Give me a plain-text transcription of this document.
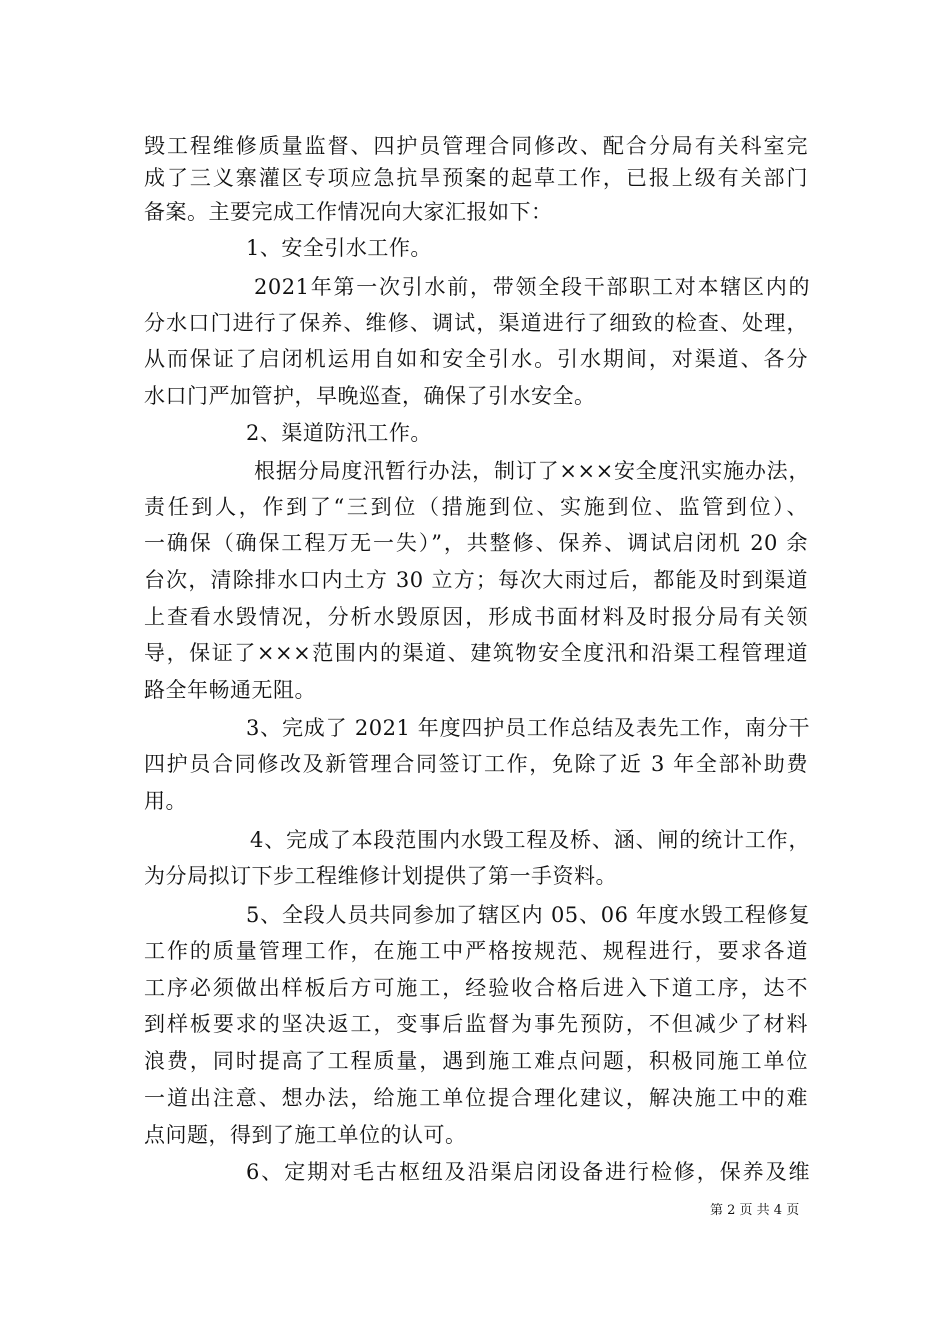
毁工程维修质量监督、四护员管理合同修改、配合分局有关科室完
成了三义寨灌区专项应急抗旱预案的起草工作，已报上级有关部门
备案。主要完成工作情况向大家汇报如下：
1、安全引水工作。
2021年第一次引水前，带领全段干部职工对本辖区内的
分水口门进行了保养、维修、调试，渠道进行了细致的检查、处理，
从而保证了启闭机运用自如和安全引水。引水期间，对渠道、各分
水口门严加管护，早晚巡查，确保了引水安全。
2、渠道防汛工作。
根据分局度汛暂行办法，制订了×××安全度汛实施办法，
责任到人，作到了“三到位（措施到位、实施到位、监管到位）、
一确保（确保工程万无一失）”，共整修、保养、调试启闭机 20 余
台次，清除排水口内土方 30 立方；每次大雨过后，都能及时到渠道
上查看水毁情况，分析水毁原因，形成书面材料及时报分局有关领
导，保证了×××范围内的渠道、建筑物安全度汛和沿渠工程管理道
路全年畅通无阻。
3、完成了 2021 年度四护员工作总结及表先工作，南分干
四护员合同修改及新管理合同签订工作，免除了近 3 年全部补助费
用。
4、完成了本段范围内水毁工程及桥、涵、闸的统计工作，
为分局拟订下步工程维修计划提供了第一手资料。
5、全段人员共同参加了辖区内 05、06 年度水毁工程修复
工作的质量管理工作，在施工中严格按规范、规程进行，要求各道
工序必须做出样板后方可施工，经验收合格后进入下道工序，达不
到样板要求的坚决返工，变事后监督为事先预防，不但减少了材料
浪费，同时提高了工程质量，遇到施工难点问题，积极同施工单位
一道出注意、想办法，给施工单位提合理化建议，解决施工中的难
点问题，得到了施工单位的认可。
6、定期对毛古枢纽及沿渠启闭设备进行检修，保养及维
第 2 页 共 4 页
